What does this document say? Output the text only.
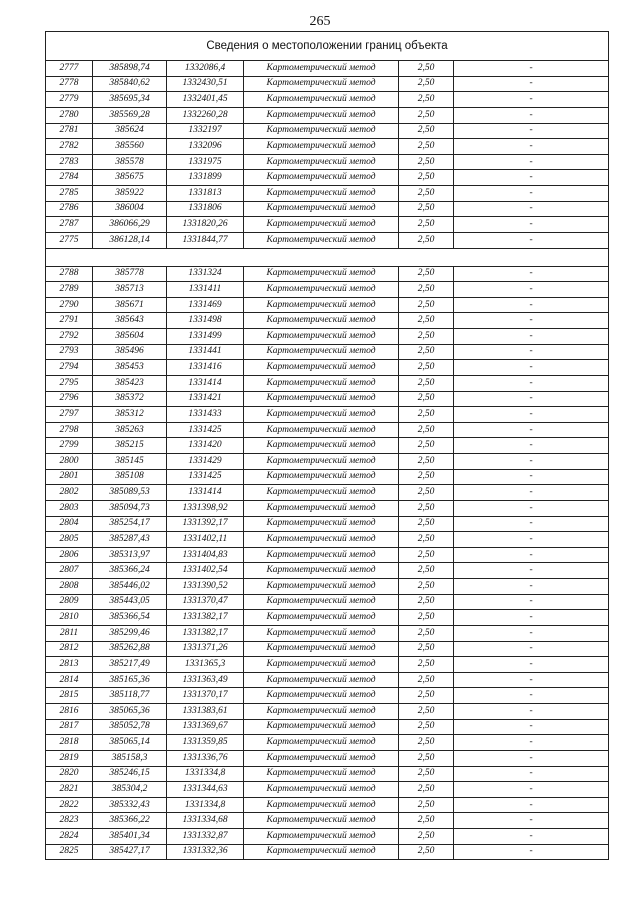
265
Сведения о местоположении границ объекта					
2777	385898,74	1332086,4	Картометрический метод	2,50	-
2778	385840,62	1332430,51	Картометрический метод	2,50	-
2779	385695,34	1332401,45	Картометрический метод	2,50	-
2780	385569,28	1332260,28	Картометрический метод	2,50	-
2781	385624	1332197	Картометрический метод	2,50	-
2782	385560	1332096	Картометрический метод	2,50	-
2783	385578	1331975	Картометрический метод	2,50	-
2784	385675	1331899	Картометрический метод	2,50	-
2785	385922	1331813	Картометрический метод	2,50	-
2786	386004	1331806	Картометрический метод	2,50	-
2787	386066,29	1331820,26	Картометрический метод	2,50	-
2775	386128,14	1331844,77	Картометрический метод	2,50	-

2788	385778	1331324	Картометрический метод	2,50	-
2789	385713	1331411	Картометрический метод	2,50	-
2790	385671	1331469	Картометрический метод	2,50	-
2791	385643	1331498	Картометрический метод	2,50	-
2792	385604	1331499	Картометрический метод	2,50	-
2793	385496	1331441	Картометрический метод	2,50	-
2794	385453	1331416	Картометрический метод	2,50	-
2795	385423	1331414	Картометрический метод	2,50	-
2796	385372	1331421	Картометрический метод	2,50	-
2797	385312	1331433	Картометрический метод	2,50	-
2798	385263	1331425	Картометрический метод	2,50	-
2799	385215	1331420	Картометрический метод	2,50	-
2800	385145	1331429	Картометрический метод	2,50	-
2801	385108	1331425	Картометрический метод	2,50	-
2802	385089,53	1331414	Картометрический метод	2,50	-
2803	385094,73	1331398,92	Картометрический метод	2,50	-
2804	385254,17	1331392,17	Картометрический метод	2,50	-
2805	385287,43	1331402,11	Картометрический метод	2,50	-
2806	385313,97	1331404,83	Картометрический метод	2,50	-
2807	385366,24	1331402,54	Картометрический метод	2,50	-
2808	385446,02	1331390,52	Картометрический метод	2,50	-
2809	385443,05	1331370,47	Картометрический метод	2,50	-
2810	385366,54	1331382,17	Картометрический метод	2,50	-
2811	385299,46	1331382,17	Картометрический метод	2,50	-
2812	385262,88	1331371,26	Картометрический метод	2,50	-
2813	385217,49	1331365,3	Картометрический метод	2,50	-
2814	385165,36	1331363,49	Картометрический метод	2,50	-
2815	385118,77	1331370,17	Картометрический метод	2,50	-
2816	385065,36	1331383,61	Картометрический метод	2,50	-
2817	385052,78	1331369,67	Картометрический метод	2,50	-
2818	385065,14	1331359,85	Картометрический метод	2,50	-
2819	385158,3	1331336,76	Картометрический метод	2,50	-
2820	385246,15	1331334,8	Картометрический метод	2,50	-
2821	385304,2	1331344,63	Картометрический метод	2,50	-
2822	385332,43	1331334,8	Картометрический метод	2,50	-
2823	385366,22	1331334,68	Картометрический метод	2,50	-
2824	385401,34	1331332,87	Картометрический метод	2,50	-
2825	385427,17	1331332,36	Картометрический метод	2,50	-
